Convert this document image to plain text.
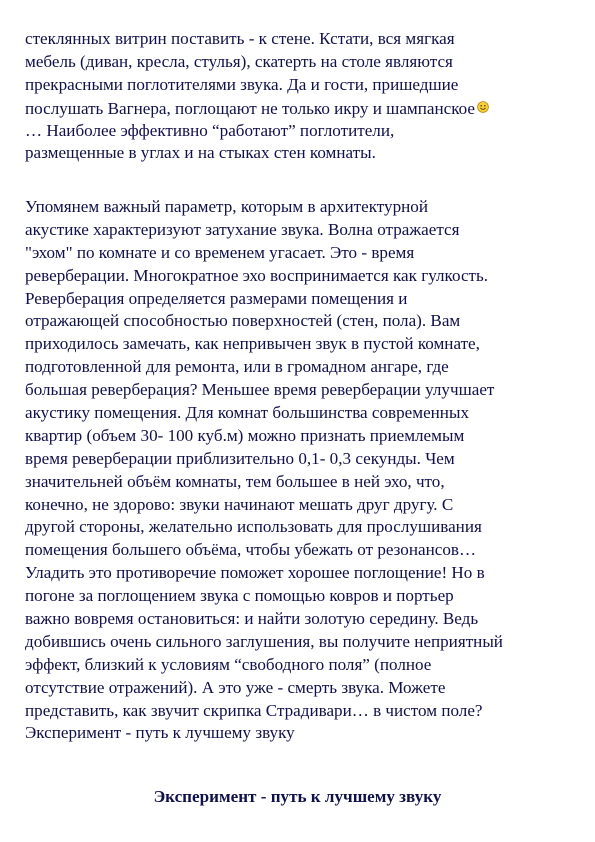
стеклянных витрин поставить - к стене. Кстати, вся мягкая
мебель (диван, кресла, стулья), скатерть на столе являются
прекрасными поглотителями звука. Да и гости, пришедшие
послушать Вагнера, поглощают не только икру и шампанское
… Наиболее эффективно “работают” поглотители,
размещенные в углах и на стыках стен комнаты.
Упомянем важный параметр, которым в архитектурной
акустике характеризуют затухание звука. Волна отражается
"эхом" по комнате и со временем угасает. Это - время
реверберации. Многократное эхо воспринимается как гулкость.
Реверберация определяется размерами помещения и
отражающей способностью поверхностей (стен, пола). Вам
приходилось замечать, как непривычен звук в пустой комнате,
подготовленной для ремонта, или в громадном ангаре, где
большая реверберация? Меньшее время реверберации улучшает
акустику помещения. Для комнат большинства современных
квартир (объем 30- 100 куб.м) можно признать приемлемым
время реверберации приблизительно 0,1- 0,3 секунды. Чем
значительней объём комнаты, тем большее в ней эхо, что,
конечно, не здорово: звуки начинают мешать друг другу. С
другой стороны, желательно использовать для прослушивания
помещения большего объёма, чтобы убежать от резонансов…
Уладить это противоречие поможет хорошее поглощение! Но в
погоне за поглощением звука с помощью ковров и портьер
важно вовремя остановиться: и найти золотую середину. Ведь
добившись очень сильного заглушения, вы получите неприятный
эффект, близкий к условиям “свободного поля” (полное
отсутствие отражений). А это уже - смерть звука. Можете
представить, как звучит скрипка Страдивари… в чистом поле?
Эксперимент - путь к лучшему звуку
Эксперимент - путь к лучшему звуку
